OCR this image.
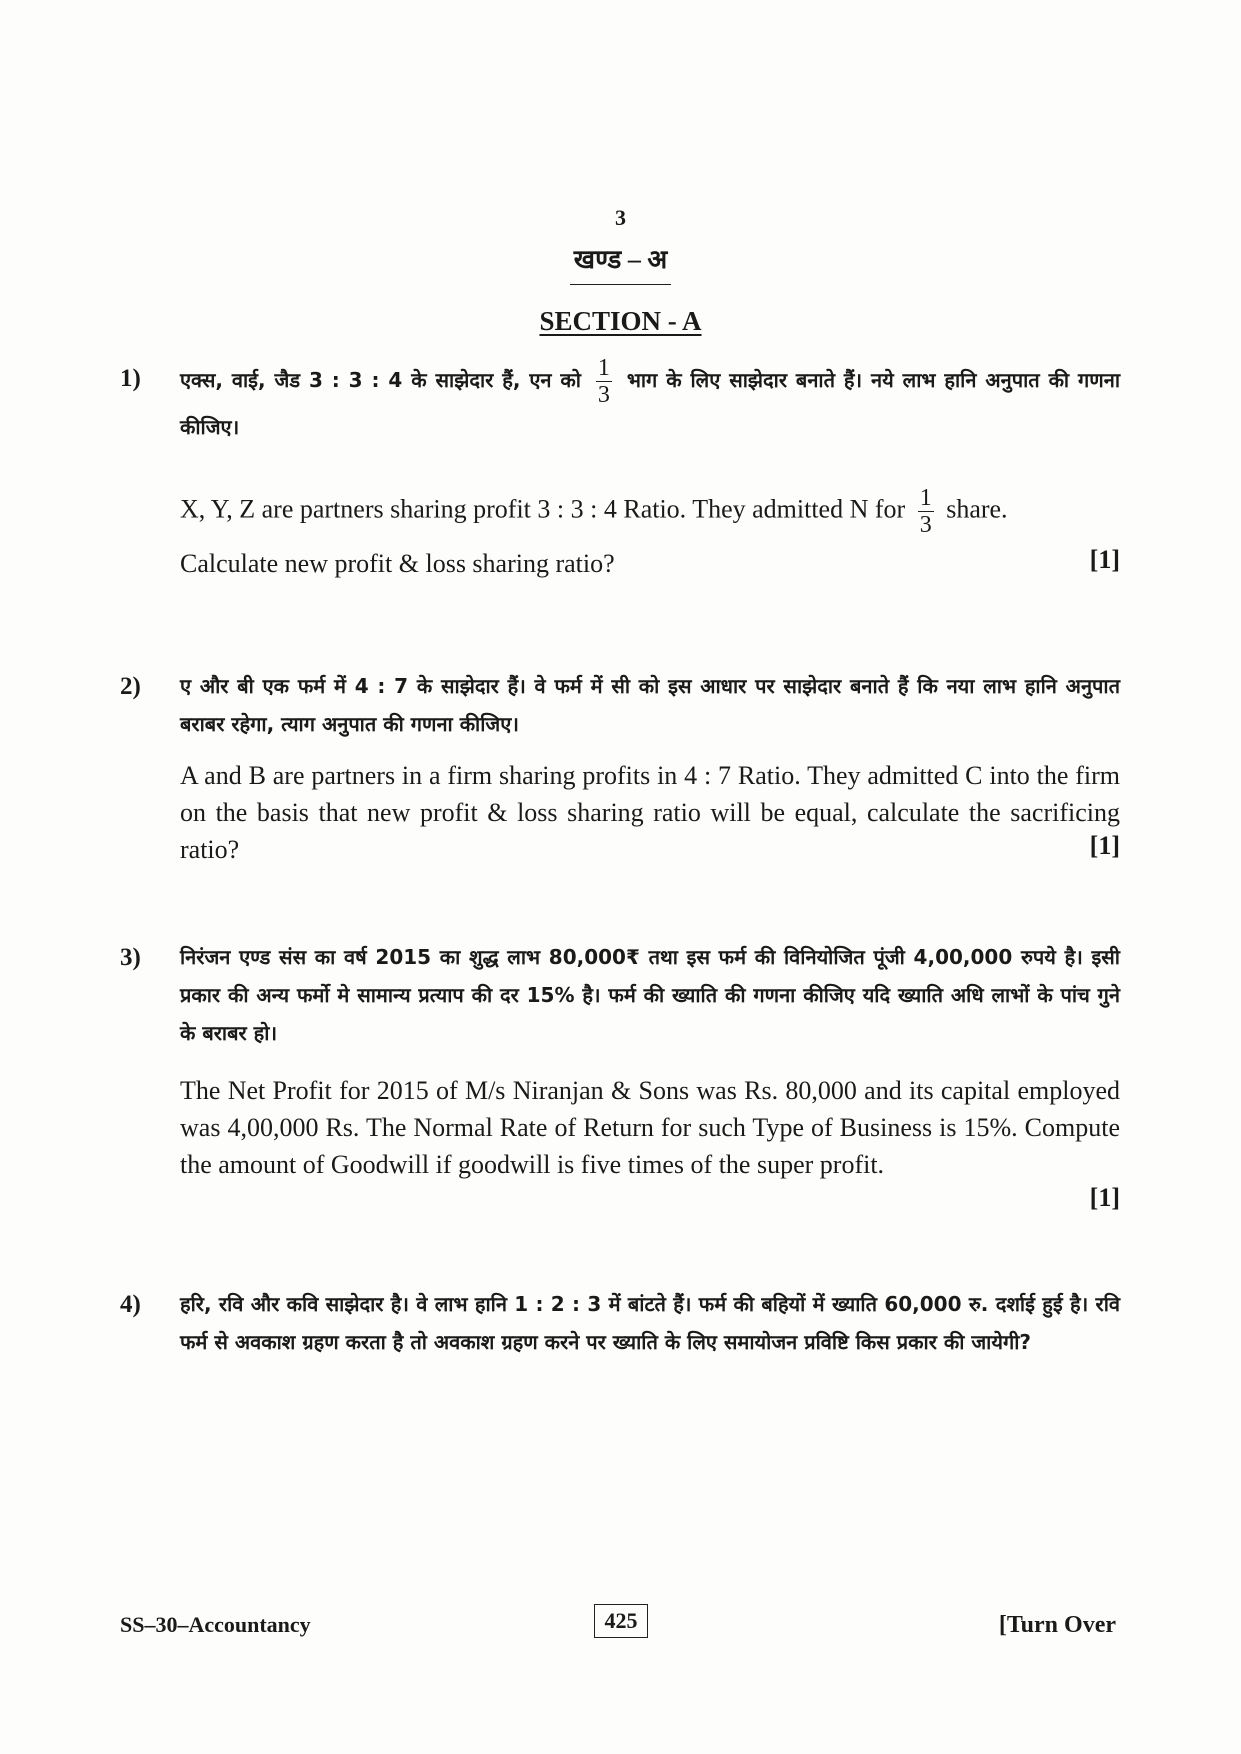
3
खण्ड – अ
SECTION - A
1) एक्स, वाई, जैड 3 : 3 : 4 के साझेदार हैं, एन को $\frac{1}{3}$ भाग के लिए साझेदार बनाते हैं। नये लाभ हानि अनुपात की गणना कीजिए।
X, Y, Z are partners sharing profit 3 : 3 : 4 Ratio. They admitted N for $\frac{1}{3}$ share.
Calculate new profit & loss sharing ratio?	[1]
2) ए और बी एक फर्म में 4 : 7 के साझेदार हैं। वे फर्म में सी को इस आधार पर साझेदार बनाते हैं कि नया लाभ हानि अनुपात बराबर रहेगा, त्याग अनुपात की गणना कीजिए।
A and B are partners in a firm sharing profits in 4 : 7 Ratio. They admitted C into the firm on the basis that new profit & loss sharing ratio will be equal, calculate the sacrificing ratio?	[1]
3) निरंजन एण्ड संस का वर्ष 2015 का शुद्ध लाभ 80,000₹ तथा इस फर्म की विनियोजित पूंजी 4,00,000 रुपये है। इसी प्रकार की अन्य फर्मो मे सामान्य प्रत्याप की दर 15% है। फर्म की ख्याति की गणना कीजिए यदि ख्याति अधि लाभों के पांच गुने के बराबर हो।
The Net Profit for 2015 of M/s Niranjan & Sons was Rs. 80,000 and its capital employed was 4,00,000 Rs. The Normal Rate of Return for such Type of Business is 15%. Compute the amount of Goodwill if goodwill is five times of the super profit.
[1]
4) हरि, रवि और कवि साझेदार है। वे लाभ हानि 1 : 2 : 3 में बांटते हैं। फर्म की बहियों में ख्याति 60,000 रु. दर्शाई हुई है। रवि फर्म से अवकाश ग्रहण करता है तो अवकाश ग्रहण करने पर ख्याति के लिए समायोजन प्रविष्टि किस प्रकार की जायेगी?
SS–30–Accountancy	425	[Turn Over
